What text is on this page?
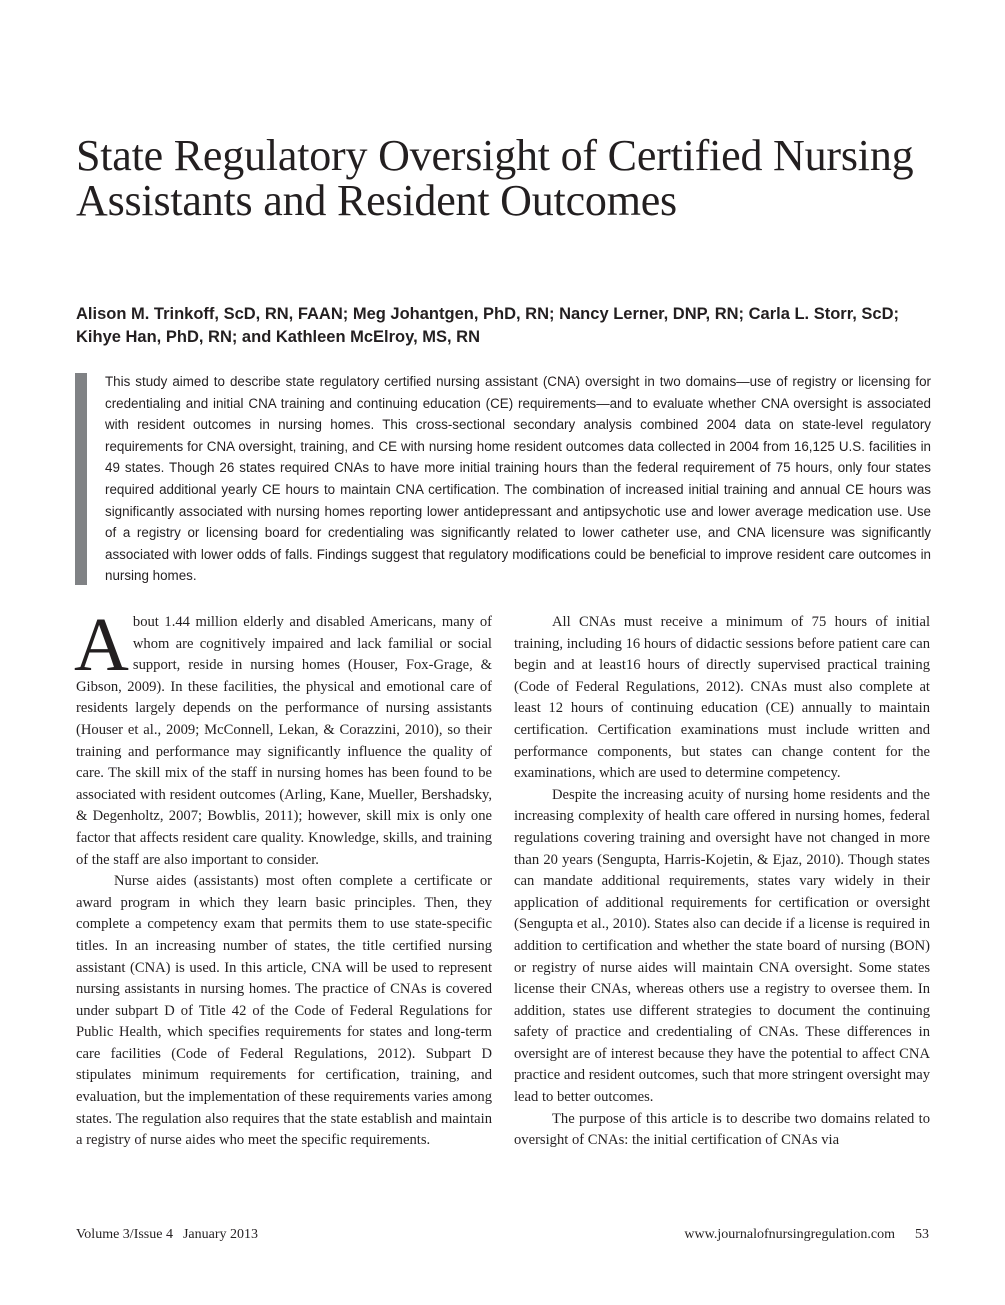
State Regulatory Oversight of Certified Nursing Assistants and Resident Outcomes

Alison M. Trinkoff, ScD, RN, FAAN; Meg Johantgen, PhD, RN; Nancy Lerner, DNP, RN; Carla L. Storr, ScD; Kihye Han, PhD, RN; and Kathleen McElroy, MS, RN

This study aimed to describe state regulatory certified nursing assistant (CNA) oversight in two domains—use of registry or licensing for credentialing and initial CNA training and continuing education (CE) requirements—and to evaluate whether CNA oversight is associated with resident outcomes in nursing homes. This cross-sectional secondary analysis combined 2004 data on state-level regulatory requirements for CNA oversight, training, and CE with nursing home resident outcomes data collected in 2004 from 16,125 U.S. facilities in 49 states. Though 26 states required CNAs to have more initial training hours than the federal requirement of 75 hours, only four states required additional yearly CE hours to maintain CNA certification. The combination of increased initial training and annual CE hours was significantly associated with nursing homes reporting lower antidepressant and antipsychotic use and lower average medication use. Use of a registry or licensing board for credentialing was significantly related to lower catheter use, and CNA licensure was significantly associated with lower odds of falls. Findings suggest that regulatory modifications could be beneficial to improve resident care outcomes in nursing homes.

About 1.44 million elderly and disabled Americans, many of whom are cognitively impaired and lack familial or social support, reside in nursing homes (Houser, Fox-Grage, & Gibson, 2009). In these facilities, the physical and emotional care of residents largely depends on the performance of nursing assistants (Houser et al., 2009; McConnell, Lekan, & Corazzini, 2010), so their training and performance may significantly influence the quality of care. The skill mix of the staff in nursing homes has been found to be associated with resident outcomes (Arling, Kane, Mueller, Bershadsky, & Degenholtz, 2007; Bowblis, 2011); however, skill mix is only one factor that affects resident care quality. Knowledge, skills, and training of the staff are also important to consider.

Nurse aides (assistants) most often complete a certificate or award program in which they learn basic principles. Then, they complete a competency exam that permits them to use state-specific titles. In an increasing number of states, the title certified nursing assistant (CNA) is used. In this article, CNA will be used to represent nursing assistants in nursing homes. The practice of CNAs is covered under subpart D of Title 42 of the Code of Federal Regulations for Public Health, which specifies requirements for states and long-term care facilities (Code of Federal Regulations, 2012). Subpart D stipulates minimum requirements for certification, training, and evaluation, but the implementation of these requirements varies among states. The regulation also requires that the state establish and maintain a registry of nurse aides who meet the specific requirements.

All CNAs must receive a minimum of 75 hours of initial training, including 16 hours of didactic sessions before patient care can begin and at least16 hours of directly supervised practical training (Code of Federal Regulations, 2012). CNAs must also complete at least 12 hours of continuing education (CE) annually to maintain certification. Certification examinations must include written and performance components, but states can change content for the examinations, which are used to determine competency.

Despite the increasing acuity of nursing home residents and the increasing complexity of health care offered in nursing homes, federal regulations covering training and oversight have not changed in more than 20 years (Sengupta, Harris-Kojetin, & Ejaz, 2010). Though states can mandate additional requirements, states vary widely in their application of additional requirements for certification or oversight (Sengupta et al., 2010). States also can decide if a license is required in addition to certification and whether the state board of nursing (BON) or registry of nurse aides will maintain CNA oversight. Some states license their CNAs, whereas others use a registry to oversee them. In addition, states use different strategies to document the continuing safety of practice and credentialing of CNAs. These differences in oversight are of interest because they have the potential to affect CNA practice and resident outcomes, such that more stringent oversight may lead to better outcomes.

The purpose of this article is to describe two domains related to oversight of CNAs: the initial certification of CNAs via

Volume 3/Issue 4 January 2013	www.journalofnursingregulation.com 53
